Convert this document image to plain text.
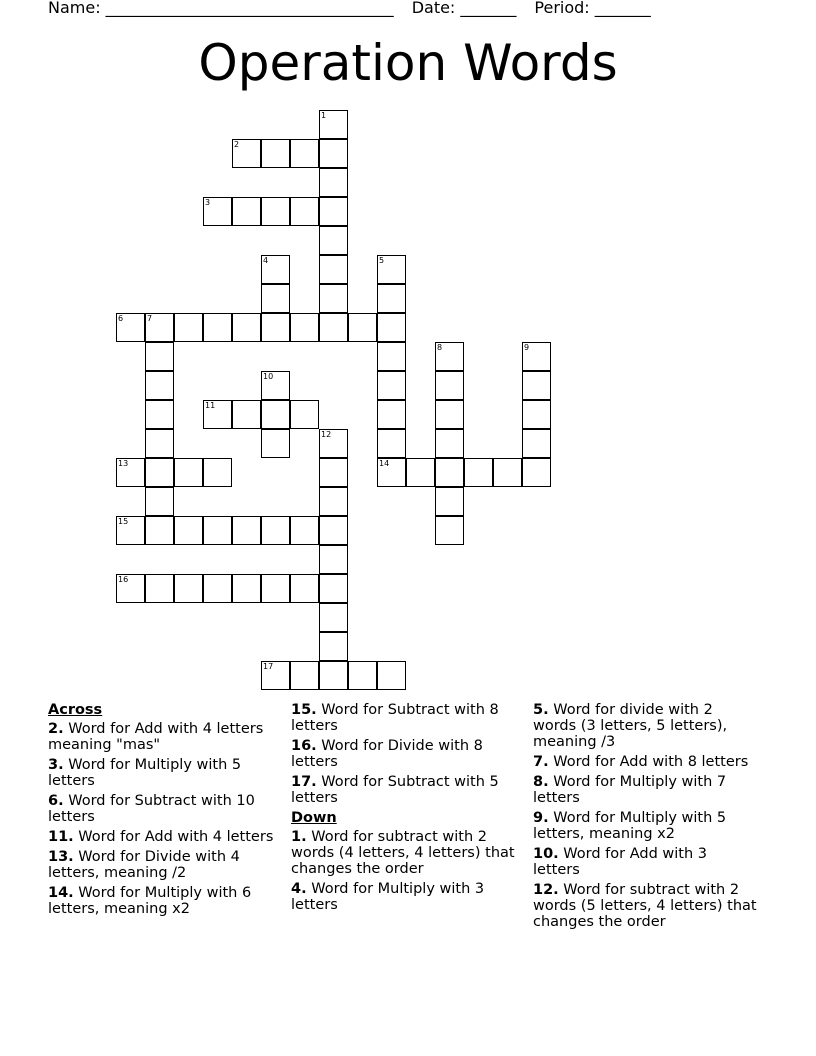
Name: ____________________________________ Date: _______ Period: _______
Operation Words
1
2
3
4	5
6	7
8	9
10
11
12
13	14
15
16
17
Across
2. Word for Add with 4 letters meaning "mas"
3. Word for Multiply with 5 letters
6. Word for Subtract with 10 letters
11. Word for Add with 4 letters
13. Word for Divide with 4 letters, meaning /2
14. Word for Multiply with 6 letters, meaning x2
15. Word for Subtract with 8 letters
16. Word for Divide with 8 letters
17. Word for Subtract with 5 letters
Down
1. Word for subtract with 2 words (4 letters, 4 letters) that changes the order
4. Word for Multiply with 3 letters
5. Word for divide with 2 words (3 letters, 5 letters), meaning /3
7. Word for Add with 8 letters
8. Word for Multiply with 7 letters
9. Word for Multiply with 5 letters, meaning x2
10. Word for Add with 3 letters
12. Word for subtract with 2 words (5 letters, 4 letters) that changes the order
